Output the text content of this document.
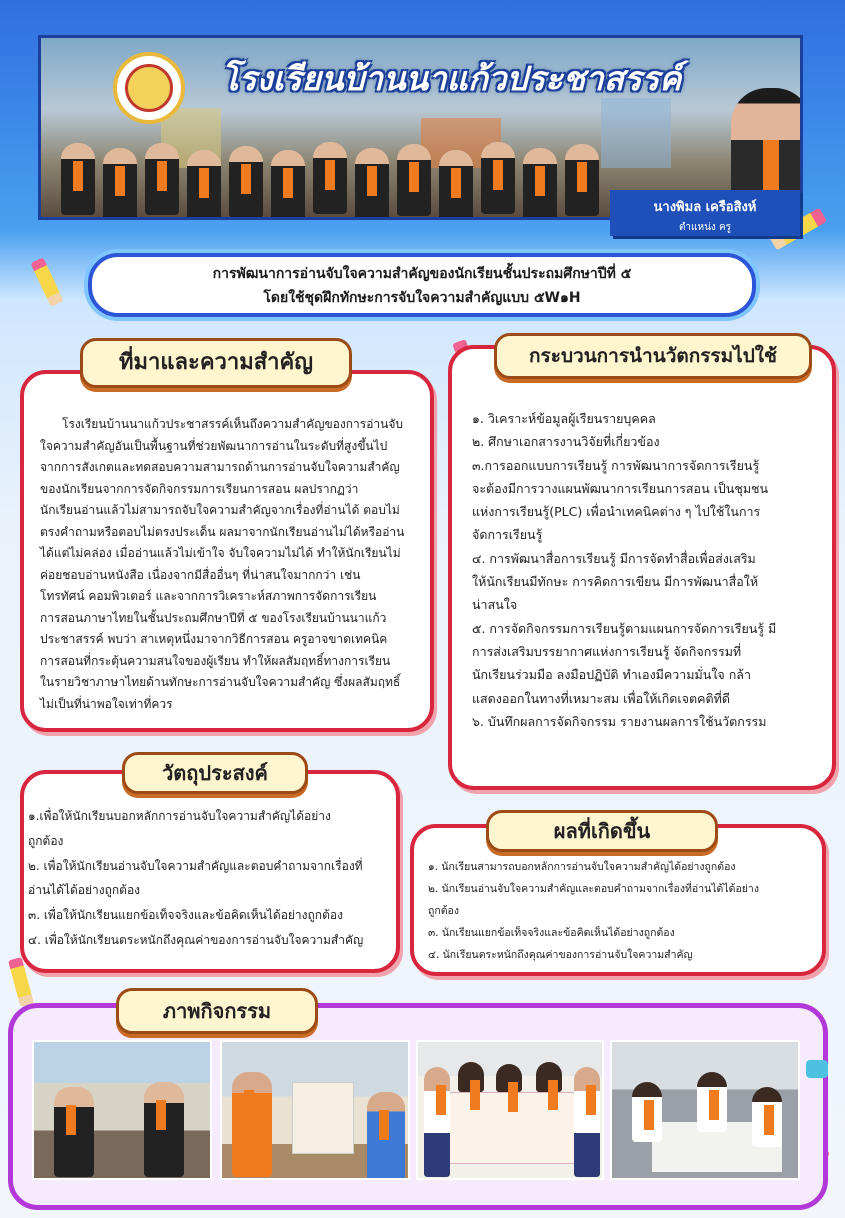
โรงเรียนบ้านนาแก้วประชาสรรค์
นางพิมล เครือสิงห์
ตำแหน่ง ครู
การพัฒนาการอ่านจับใจความสำคัญของนักเรียนชั้นประถมศึกษาปีที่ ๕
โดยใช้ชุดฝึกทักษะการจับใจความสำคัญแบบ ๕W๑H
ที่มาและความสำคัญ

โรงเรียนบ้านนาแก้วประชาสรรค์เห็นถึงความสำคัญของการอ่านจับ

ใจความสำคัญอันเป็นพื้นฐานที่ช่วยพัฒนาการอ่านในระดับที่สูงขึ้นไป

จากการสังเกตและทดสอบความสามารถด้านการอ่านจับใจความสำคัญ

ของนักเรียนจากการจัดกิจกรรมการเรียนการสอน ผลปรากฏว่า

นักเรียนอ่านแล้วไม่สามารถจับใจความสำคัญจากเรื่องที่อ่านได้ ตอบไม่

ตรงคำถามหรือตอบไม่ตรงประเด็น ผลมาจากนักเรียนอ่านไม่ได้หรืออ่าน

ได้แต่ไม่คล่อง เมื่ออ่านแล้วไม่เข้าใจ จับใจความไม่ได้ ทำให้นักเรียนไม่

ค่อยชอบอ่านหนังสือ เนื่องจากมีสื่ออื่นๆ ที่น่าสนใจมากกว่า เช่น

โทรทัศน์ คอมพิวเตอร์ และจากการวิเคราะห์สภาพการจัดการเรียน

การสอนภาษาไทยในชั้นประถมศึกษาปีที่ ๕ ของโรงเรียนบ้านนาแก้ว

ประชาสรรค์ พบว่า สาเหตุหนึ่งมาจากวิธีการสอน ครูอาจขาดเทคนิค

การสอนที่กระตุ้นความสนใจของผู้เรียน ทำให้ผลสัมฤทธิ์ทางการเรียน

ในรายวิชาภาษาไทยด้านทักษะการอ่านจับใจความสำคัญ ซึ่งผลสัมฤทธิ์

ไม่เป็นที่น่าพอใจเท่าที่ควร

กระบวนการนำนวัตกรรมไปใช้

๑. วิเคราะห์ข้อมูลผู้เรียนรายบุคคล

๒. ศึกษาเอกสารงานวิจัยที่เกี่ยวข้อง

๓.การออกแบบการเรียนรู้ การพัฒนาการจัดการเรียนรู้

จะต้องมีการวางแผนพัฒนาการเรียนการสอน เป็นชุมชน

แห่งการเรียนรู้(PLC) เพื่อนำเทคนิคต่าง ๆ ไปใช้ในการ

จัดการเรียนรู้

๔. การพัฒนาสื่อการเรียนรู้ มีการจัดทำสื่อเพื่อส่งเสริม

ให้นักเรียนมีทักษะ การคิดการเขียน มีการพัฒนาสื่อให้

น่าสนใจ

๕. การจัดกิจกรรมการเรียนรู้ตามแผนการจัดการเรียนรู้ มี

การส่งเสริมบรรยากาศแห่งการเรียนรู้ จัดกิจกรรมที่

นักเรียนร่วมมือ ลงมือปฏิบัติ ทำเองมีความมั่นใจ กล้า

แสดงออกในทางที่เหมาะสม เพื่อให้เกิดเจตคติที่ดี

๖. บันทึกผลการจัดกิจกรรม รายงานผลการใช้นวัตกรรม

วัตถุประสงค์

๑.เพื่อให้นักเรียนบอกหลักการอ่านจับใจความสำคัญได้อย่าง

ถูกต้อง

๒. เพื่อให้นักเรียนอ่านจับใจความสำคัญและตอบคำถามจากเรื่องที่

อ่านได้ได้อย่างถูกต้อง

๓. เพื่อให้นักเรียนแยกข้อเท็จจริงและข้อคิดเห็นได้อย่างถูกต้อง

๔. เพื่อให้นักเรียนตระหนักถึงคุณค่าของการอ่านจับใจความสำคัญ

ผลที่เกิดขึ้น

๑. นักเรียนสามารถบอกหลักการอ่านจับใจความสำคัญได้อย่างถูกต้อง

๒. นักเรียนอ่านจับใจความสำคัญและตอบคำถามจากเรื่องที่อ่านได้ได้อย่าง

ถูกต้อง

๓. นักเรียนแยกข้อเท็จจริงและข้อคิดเห็นได้อย่างถูกต้อง

๔. นักเรียนตระหนักถึงคุณค่าของการอ่านจับใจความสำคัญ

ภาพกิจกรรม
